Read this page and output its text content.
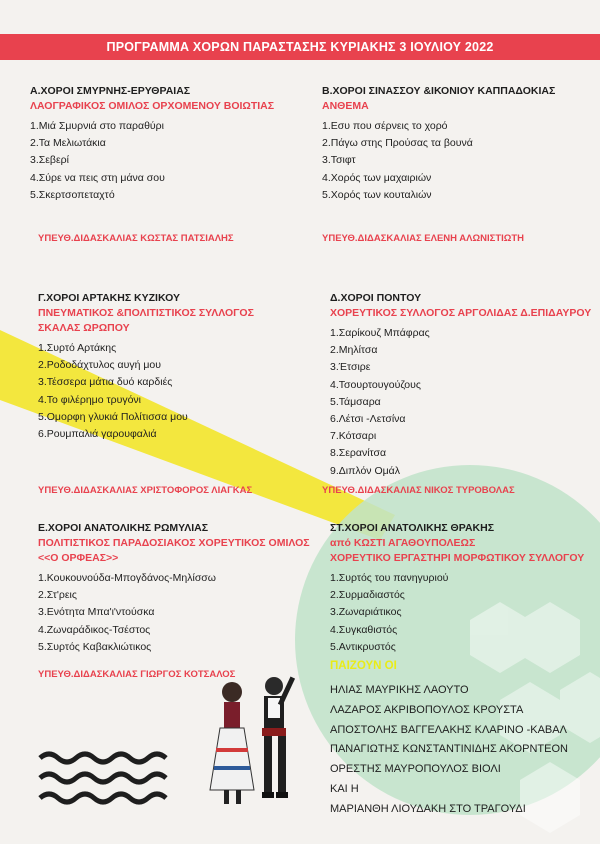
ΠΡΟΓΡΑΜΜΑ ΧΟΡΩΝ ΠΑΡΑΣΤΑΣΗΣ ΚΥΡΙΑΚΗΣ 3 ΙΟΥΛΙΟΥ 2022
Α.ΧΟΡΟΙ ΣΜΥΡΝΗΣ-ΕΡΥΘΡΑΙΑΣ
ΛΑΟΓΡΑΦΙΚΟΣ ΟΜΙΛΟΣ ΟΡΧΟΜΕΝΟΥ ΒΟΙΩΤΙΑΣ
1.Μιά Σμυρνιά στο παραθύρι
2.Τα Μελιωτάκια
3.Σεβερί
4.Σύρε να πεις στη μάνα σου
5.Σκερτσοπεταχτό
ΥΠΕΥΘ.ΔΙΔΑΣΚΑΛΙΑΣ ΚΩΣΤΑΣ ΠΑΤΣΙΑΛΗΣ
Β.ΧΟΡΟΙ ΣΙΝΑΣΣΟΥ &ΙΚΟΝΙΟΥ ΚΑΠΠΑΔΟΚΙΑΣ
ΑΝΘΕΜΑ
1.Εσυ που σέρνεις το χορό
2.Πάγω στης Προύσας τα βουνά
3.Τσιφτ
4.Χορός των μαχαιριών
5.Χορός των κουταλιών
ΥΠΕΥΘ.ΔΙΔΑΣΚΑΛΙΑΣ ΕΛΕΝΗ ΑΛΩΝΙΣΤΙΩΤΗ
Γ.ΧΟΡΟΙ ΑΡΤΑΚΗΣ ΚΥΖΙΚΟΥ
ΠΝΕΥΜΑΤΙΚΟΣ &ΠΟΛΙΤΙΣΤΙΚΟΣ ΣΥΛΛΟΓΟΣ
ΣΚΑΛΑΣ ΩΡΩΠΟΥ
1.Συρτό Αρτάκης
2.Ροδοδάχτυλος αυγή μου
3.Τέσσερα μάτια δυό καρδιές
4.Το φιλέρημο τρυγόνι
5.Ομορφη γλυκιά Πολίτισσα μου
6.Ρουμπαλιά γαρουφαλιά
ΥΠΕΥΘ.ΔΙΔΑΣΚΑΛΙΑΣ ΧΡΙΣΤΟΦΟΡΟΣ ΛΙΑΓΚΑΣ
Δ.ΧΟΡΟΙ ΠΟΝΤΟΥ
ΧΟΡΕΥΤΙΚΟΣ ΣΥΛΛΟΓΟΣ ΑΡΓΟΛΙΔΑΣ Δ.ΕΠΙΔΑΥΡΟΥ
1.Σαρίκουζ Μπάφρας
2.Μηλίτσα
3.Έτσιρε
4.Τσουρτουγούζους
5.Τάμσαρα
6.Λέτσι -Λετσίνα
7.Κότσαρι
8.Σερανίτσα
9.Διπλόν Ομάλ
ΥΠΕΥΘ.ΔΙΔΑΣΚΑΛΙΑΣ ΝΙΚΟΣ ΤΥΡΟΒΟΛΑΣ
Ε.ΧΟΡΟΙ ΑΝΑΤΟΛΙΚΗΣ ΡΩΜΥΛΙΑΣ
ΠΟΛΙΤΙΣΤΙΚΟΣ ΠΑΡΑΔΟΣΙΑΚΟΣ ΧΟΡΕΥΤΙΚΟΣ ΟΜΙΛΟΣ
<<Ο ΟΡΦΕΑΣ>>
1.Κουκουνούδα-Μπογδάνος-Μηλίσσω
2.Στ'ρεις
3.Ενότητα Μπα'ι'ντούσκα
4.Ζωναράδικος-Τσέστος
5.Συρτός Καβακλιώτικος
ΥΠΕΥΘ.ΔΙΔΑΣΚΑΛΙΑΣ ΓΙΩΡΓΟΣ ΚΟΤΣΑΛΟΣ
ΣΤ.ΧΟΡΟΙ ΑΝΑΤΟΛΙΚΗΣ ΘΡΑΚΗΣ
από ΚΩΣΤΙ ΑΓΑΘΟΥΠΟΛΕΩΣ
ΧΟΡΕΥΤΙΚΟ ΕΡΓΑΣΤΗΡΙ ΜΟΡΦΩΤΙΚΟΥ ΣΥΛΛΟΓΟΥ
1.Συρτός του πανηγυριού
2.Συρμαδιαστός
3.Ζωναριάτικος
4.Συγκαθιστός
5.Αντικρυστός
ΠΑΙΖΟΥΝ ΟΙ
ΗΛΙΑΣ ΜΑΥΡΙΚΗΣ ΛΑΟΥΤΟ
ΛΑΖΑΡΟΣ ΑΚΡΙΒΟΠΟΥΛΟΣ ΚΡΟΥΣΤΑ
ΑΠΟΣΤΟΛΗΣ ΒΑΓΓΕΛΑΚΗΣ ΚΛΑΡΙΝΟ -ΚΑΒΑΛ
ΠΑΝΑΓΙΩΤΗΣ ΚΩΝΣΤΑΝΤΙΝΙΔΗΣ ΑΚΟΡΝΤΕΟΝ
ΟΡΕΣΤΗΣ ΜΑΥΡΟΠΟΥΛΟΣ ΒΙΟΛΙ
ΚΑΙ Η
ΜΑΡΙΑΝΘΗ ΛΙΟΥΔΑΚΗ ΣΤΟ ΤΡΑΓΟΥΔΙ
